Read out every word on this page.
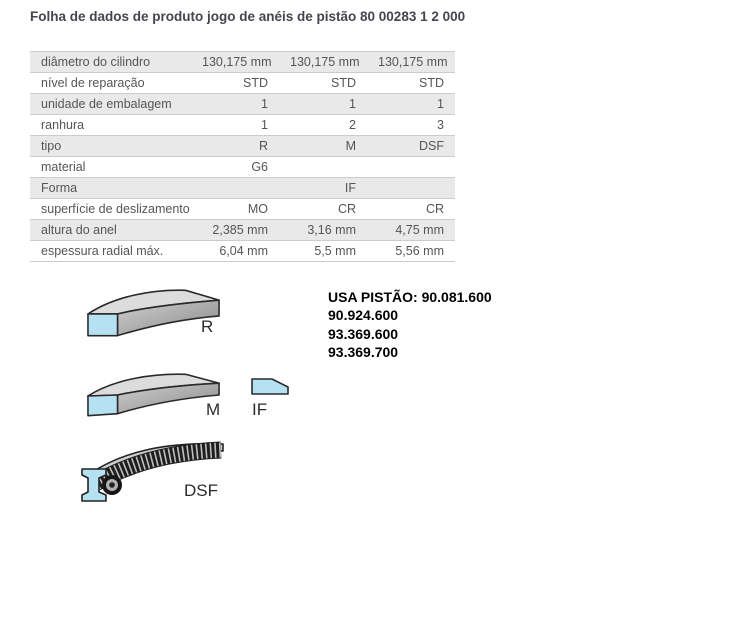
Folha de dados de produto jogo de anéis de pistão 80 00283 1 2 000
diâmetro do cilindro	130,175 mm	130,175 mm	130,175 mm
nível de reparação	STD	STD	STD
unidade de embalagem	1	1	1
ranhura	1	2	3
tipo	R	M	DSF
material	G6		
Forma		IF	
superfície de deslizamento	MO	CR	CR
altura do anel	2,385 mm	3,16 mm	4,75 mm
espessura radial máx.	6,04 mm	5,5 mm	5,56 mm
R
M IF
DSF
USA PISTÃO: 90.081.600
90.924.600
93.369.600
93.369.700
